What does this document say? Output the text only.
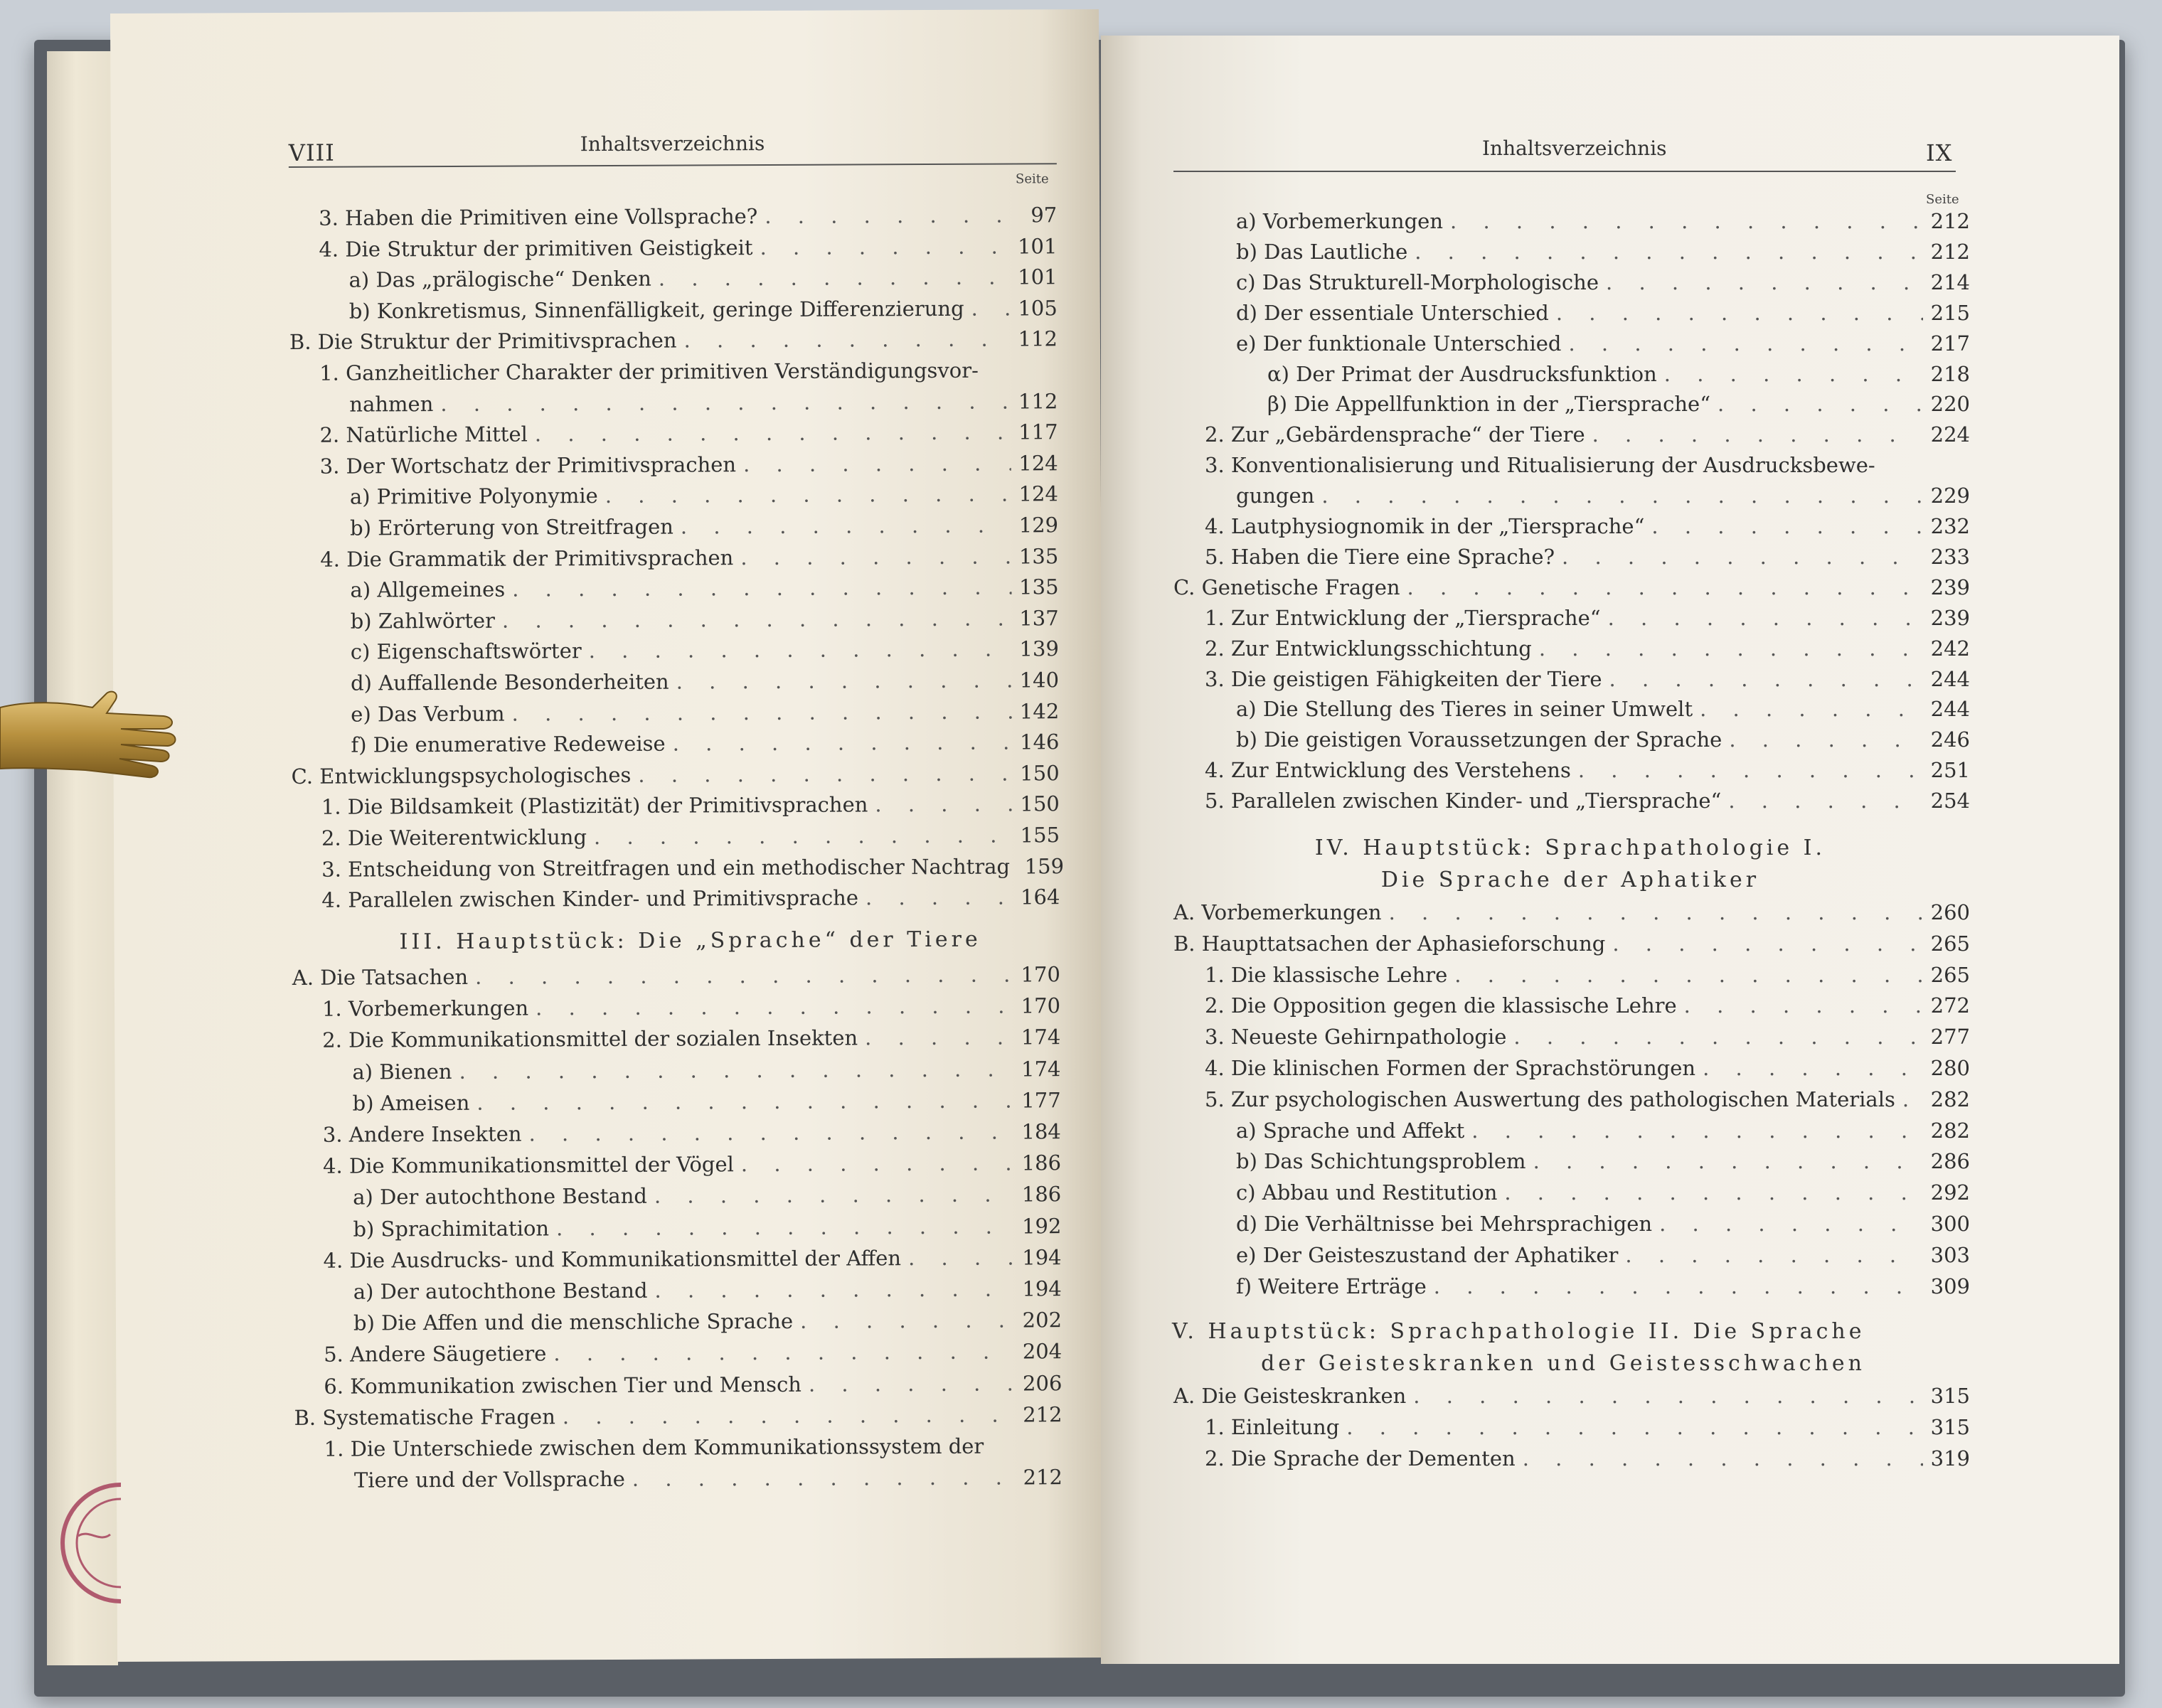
VIII	Inhaltsverzeichnis
Seite
3. Haben die Primitiven eine Vollsprache? . . .	97
4. Die Struktur der primitiven Geistigkeit . . .	101
a) Das „prälogische“ Denken . . .	101
b) Konkretismus, Sinnenfälligkeit, geringe Differenzierung . . .	105
B. Die Struktur der Primitivsprachen . . .	112
1. Ganzheitlicher Charakter der primitiven Verständigungsvor-
nahmen . . .	112
2. Natürliche Mittel . . .	117
3. Der Wortschatz der Primitivsprachen . . .	124
a) Primitive Polyonymie . . .	124
b) Erörterung von Streitfragen . . .	129
4. Die Grammatik der Primitivsprachen . . .	135
a) Allgemeines . . .	135
b) Zahlwörter . . .	137
c) Eigenschaftswörter . . .	139
d) Auffallende Besonderheiten . . .	140
e) Das Verbum . . .	142
f) Die enumerative Redeweise . . .	146
C. Entwicklungspsychologisches . . .	150
1. Die Bildsamkeit (Plastizität) der Primitivsprachen . . .	150
2. Die Weiterentwicklung . . .	155
3. Entscheidung von Streitfragen und ein methodischer Nachtrag . . . 159
4. Parallelen zwischen Kinder- und Primitivsprache . . .	164
III. Hauptstück: Die „Sprache“ der Tiere
A. Die Tatsachen . . .	170
1. Vorbemerkungen . . .	170
2. Die Kommunikationsmittel der sozialen Insekten . . .	174
a) Bienen . . .	174
b) Ameisen . . .	177
3. Andere Insekten . . .	184
4. Die Kommunikationsmittel der Vögel . . .	186
a) Der autochthone Bestand . . .	186
b) Sprachimitation . . .	192
4. Die Ausdrucks- und Kommunikationsmittel der Affen . . .	194
a) Der autochthone Bestand . . .	194
b) Die Affen und die menschliche Sprache . . .	202
5. Andere Säugetiere . . .	204
6. Kommunikation zwischen Tier und Mensch . . .	206
B. Systematische Fragen . . .	212
1. Die Unterschiede zwischen dem Kommunikationssystem der
Tiere und der Vollsprache . . .	212
Inhaltsverzeichnis	IX
Seite
a) Vorbemerkungen . . .	212
b) Das Lautliche . . .	212
c) Das Strukturell-Morphologische . . .	214
d) Der essentiale Unterschied . . .	215
e) Der funktionale Unterschied . . .	217
α) Der Primat der Ausdrucksfunktion . . .	218
β) Die Appellfunktion in der „Tiersprache“ . . .	220
2. Zur „Gebärdensprache“ der Tiere . . .	224
3. Konventionalisierung und Ritualisierung der Ausdrucksbewe-
gungen . . .	229
4. Lautphysiognomik in der „Tiersprache“ . . .	232
5. Haben die Tiere eine Sprache? . . .	233
C. Genetische Fragen . . .	239
1. Zur Entwicklung der „Tiersprache“ . . .	239
2. Zur Entwicklungsschichtung . . .	242
3. Die geistigen Fähigkeiten der Tiere . . .	244
a) Die Stellung des Tieres in seiner Umwelt . . .	244
b) Die geistigen Voraussetzungen der Sprache . . .	246
4. Zur Entwicklung des Verstehens . . .	251
5. Parallelen zwischen Kinder- und „Tiersprache“ . . .	254
IV. Hauptstück: Sprachpathologie I.
Die Sprache der Aphatiker
A. Vorbemerkungen . . .	260
B. Haupttatsachen der Aphasieforschung . . .	265
1. Die klassische Lehre . . .	265
2. Die Opposition gegen die klassische Lehre . . .	272
3. Neueste Gehirnpathologie . . .	277
4. Die klinischen Formen der Sprachstörungen . . .	280
5. Zur psychologischen Auswertung des pathologischen Materials . . . 282
a) Sprache und Affekt . . .	282
b) Das Schichtungsproblem . . .	286
c) Abbau und Restitution . . .	292
d) Die Verhältnisse bei Mehrsprachigen . . .	300
e) Der Geisteszustand der Aphatiker . . .	303
f) Weitere Erträge . . .	309
V. Hauptstück: Sprachpathologie II. Die Sprache
der Geisteskranken und Geistesschwachen
A. Die Geisteskranken . . .	315
1. Einleitung . . .	315
2. Die Sprache der Dementen . . .	319
